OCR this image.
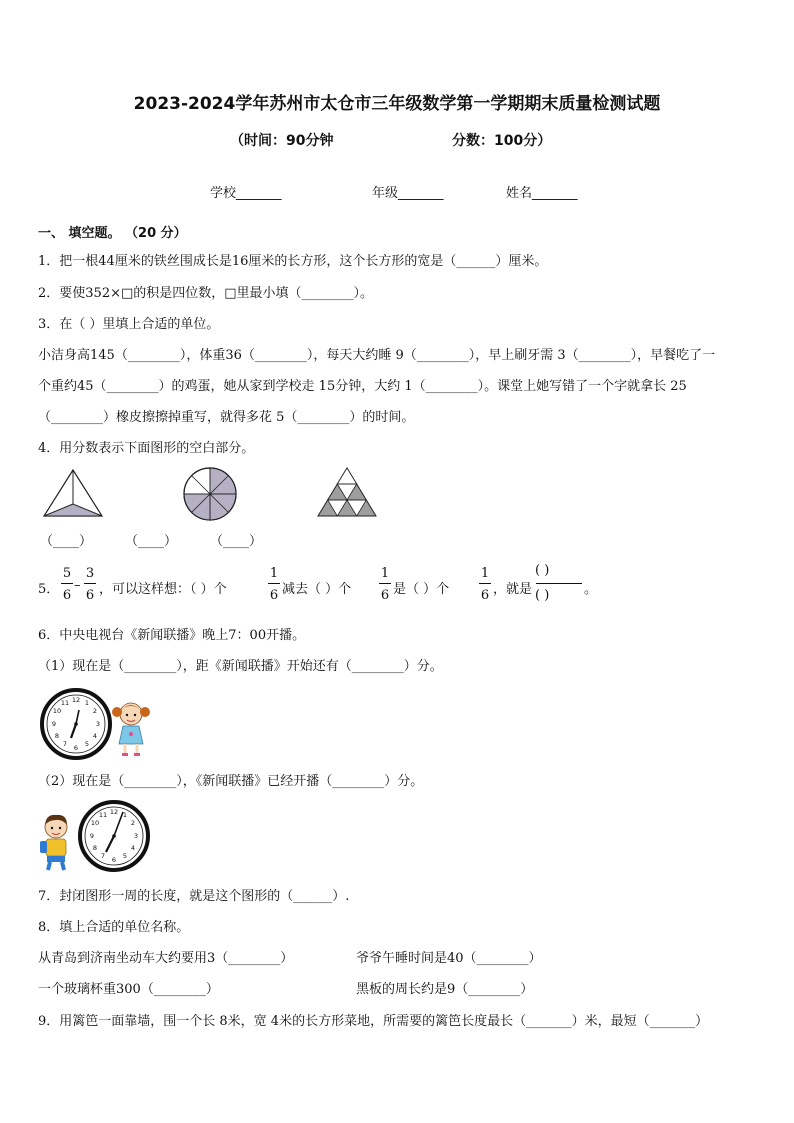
2023-2024学年苏州市太仓市三年级数学第一学期期末质量检测试题
（时间：90分钟	分数：100分）
学校_______	年级_______	姓名_______
一、 填空题。 （20 分）
1．把一根44厘米的铁丝围成长是16厘米的长方形，这个长方形的宽是（______）厘米。
2．要使352×□的积是四位数，□里最小填（________）。
3．在（ ）里填上合适的单位。
小洁身高145（________），体重36（________），每天大约睡 9（________），早上刷牙需 3（________），早餐吃了一
个重约45（________）的鸡蛋，她从家到学校走 15分钟，大约 1（________）。课堂上她写错了一个字就拿长 25
（________）橡皮擦擦掉重写，就得多花 5（________）的时间。
4．用分数表示下面图形的空白部分。
（____）	（____）	（____）
5．
5
6
–
3
6 ，可以这样想：（ ）个
1
6 减去（ ）个
1
6 是（ ）个
1
6 ，就是
( )
( )	。
6．中央电视台《新闻联播》晚上7：00开播。
（1）现在是（________），距《新闻联播》开始还有（________）分。
12 1
2
3
4
5
6
7
8
9
10
11
（2）现在是（________），《新闻联播》已经开播（________）分。
12 1
2
3
4
5
6
7
8
9
10
11
7．封闭图形一周的长度，就是这个图形的（______）.
8．填上合适的单位名称。
从青岛到济南坐动车大约要用3（________）	爷爷午睡时间是40（________）
一个玻璃杯重300（________）	黑板的周长约是9（________）
9．用篱笆一面靠墙，围一个长 8米，宽 4米的长方形菜地，所需要的篱笆长度最长（_______）米，最短（_______）
